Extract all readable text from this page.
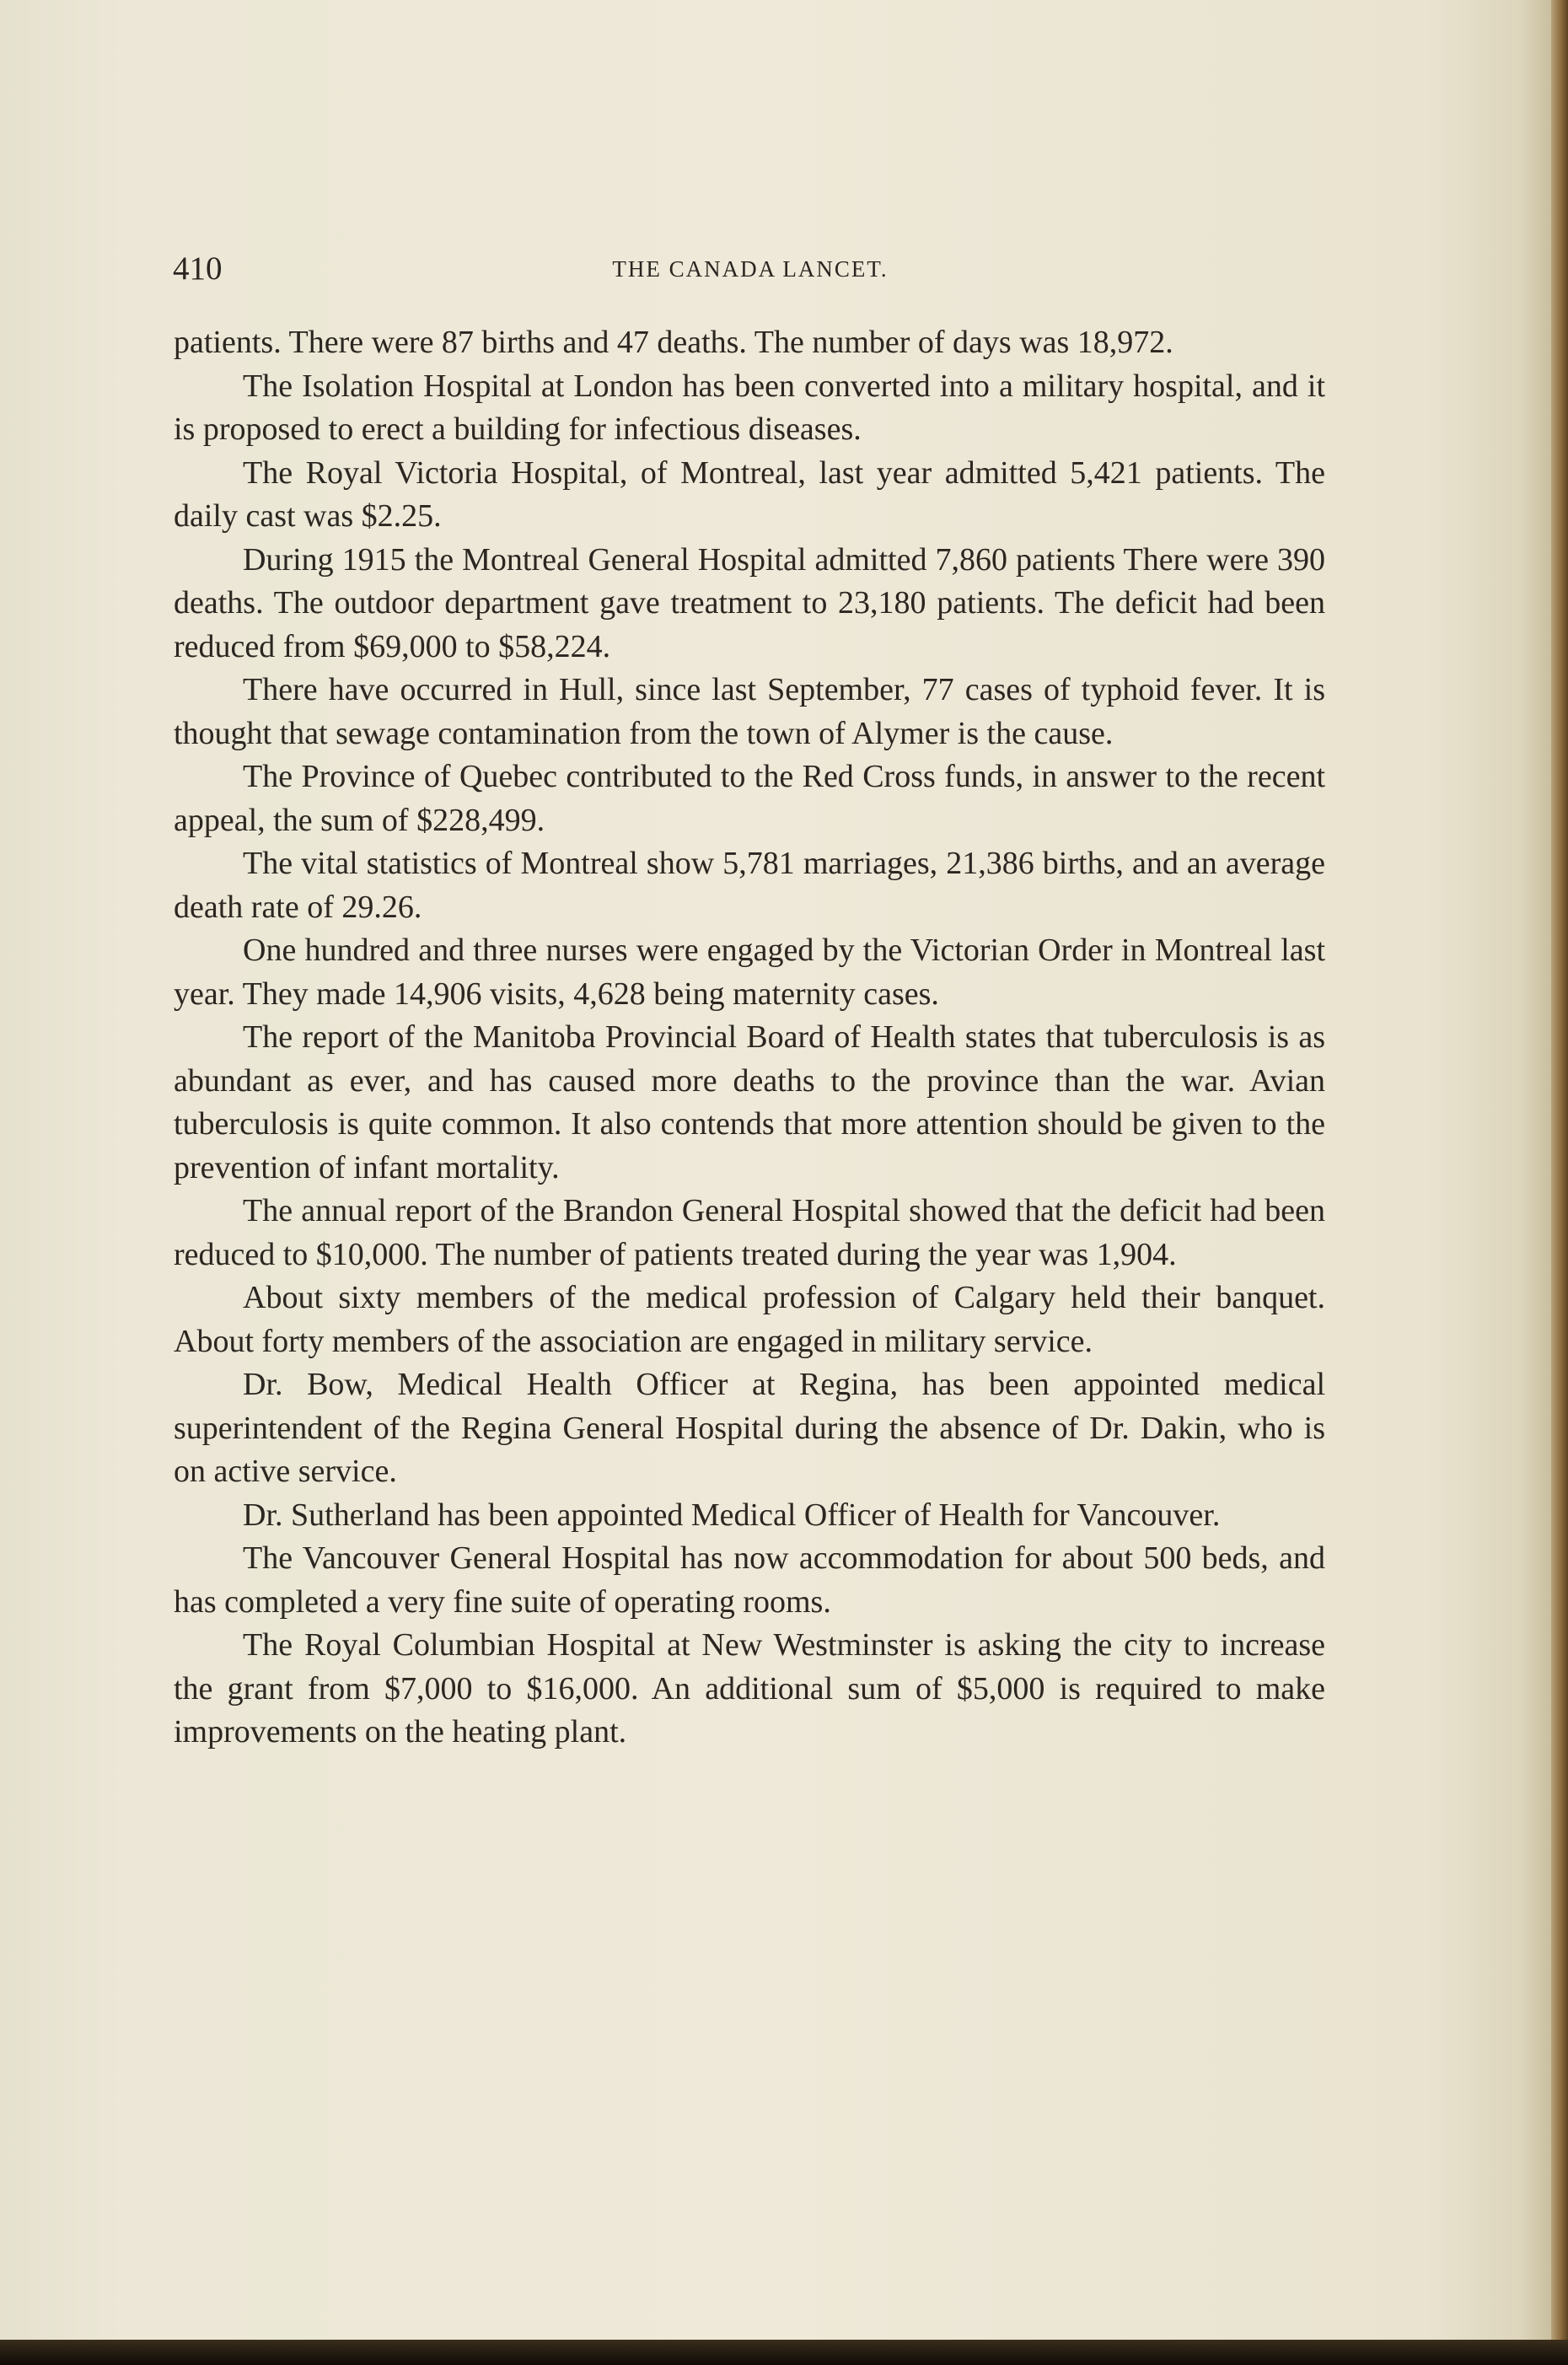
410	THE CANADA LANCET.

patients. There were 87 births and 47 deaths. The number of days was 18,972.

The Isolation Hospital at London has been converted into a military hospital, and it is proposed to erect a building for infectious diseases.

The Royal Victoria Hospital, of Montreal, last year admitted 5,421 patients. The daily cast was $2.25.

During 1915 the Montreal General Hospital admitted 7,860 patients There were 390 deaths. The outdoor department gave treatment to 23,180 patients. The deficit had been reduced from $69,000 to $58,224.

There have occurred in Hull, since last September, 77 cases of typhoid fever. It is thought that sewage contamination from the town of Alymer is the cause.

The Province of Quebec contributed to the Red Cross funds, in answer to the recent appeal, the sum of $228,499.

The vital statistics of Montreal show 5,781 marriages, 21,386 births, and an average death rate of 29.26.

One hundred and three nurses were engaged by the Victorian Order in Montreal last year. They made 14,906 visits, 4,628 being maternity cases.

The report of the Manitoba Provincial Board of Health states that tuberculosis is as abundant as ever, and has caused more deaths to the province than the war. Avian tuberculosis is quite common. It also contends that more attention should be given to the prevention of infant mortality.

The annual report of the Brandon General Hospital showed that the deficit had been reduced to $10,000. The number of patients treated during the year was 1,904.

About sixty members of the medical profession of Calgary held their banquet. About forty members of the association are engaged in military service.

Dr. Bow, Medical Health Officer at Regina, has been appointed medical superintendent of the Regina General Hospital during the absence of Dr. Dakin, who is on active service.

Dr. Sutherland has been appointed Medical Officer of Health for Vancouver.

The Vancouver General Hospital has now accommodation for about 500 beds, and has completed a very fine suite of operating rooms.

The Royal Columbian Hospital at New Westminster is asking the city to increase the grant from $7,000 to $16,000. An additional sum of $5,000 is required to make improvements on the heating plant.
